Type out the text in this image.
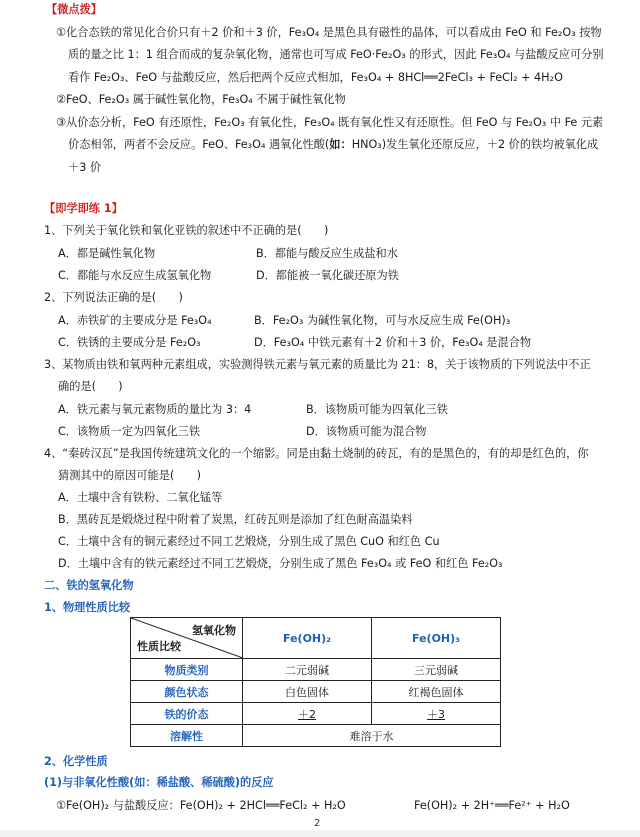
【微点拨】
①化合态铁的常见化合价只有＋2 价和＋3 价，Fe₃O₄ 是黑色具有磁性的晶体，可以看成由 FeO 和 Fe₂O₃ 按物
质的量之比 1：1 组合而成的复杂氧化物，通常也可写成 FeO·Fe₂O₃ 的形式，因此 Fe₃O₄ 与盐酸反应可分别
看作 Fe₂O₃、FeO 与盐酸反应，然后把两个反应式相加，Fe₃O₄ + 8HCl══2FeCl₃ + FeCl₂ + 4H₂O
②FeO、Fe₂O₃ 属于碱性氧化物，Fe₃O₄ 不属于碱性氧化物
③从价态分析，FeO 有还原性，Fe₂O₃ 有氧化性，Fe₃O₄ 既有氧化性又有还原性。但 FeO 与 Fe₂O₃ 中 Fe 元素
价态相邻，两者不会反应。FeO、Fe₃O₄ 遇氧化性酸(如：HNO₃)发生氧化还原反应，＋2 价的铁均被氧化成
＋3 价
【即学即练 1】
1、下列关于氧化铁和氧化亚铁的叙述中不正确的是(　　)
A．都是碱性氧化物	B．都能与酸反应生成盐和水
C．都能与水反应生成氢氧化物	D．都能被一氧化碳还原为铁
2、下列说法正确的是(　　)
A．赤铁矿的主要成分是 Fe₃O₄	B．Fe₂O₃ 为碱性氧化物，可与水反应生成 Fe(OH)₃
C．铁锈的主要成分是 Fe₂O₃	D．Fe₃O₄ 中铁元素有＋2 价和＋3 价，Fe₃O₄ 是混合物
3、某物质由铁和氧两种元素组成，实验测得铁元素与氧元素的质量比为 21：8，关于该物质的下列说法中不正
确的是(　　)
A．铁元素与氧元素物质的量比为 3：4	B．该物质可能为四氧化三铁
C．该物质一定为四氧化三铁	D．该物质可能为混合物
4、“秦砖汉瓦”是我国传统建筑文化的一个缩影。同是由黏土烧制的砖瓦，有的是黑色的，有的却是红色的，你
猜测其中的原因可能是(　　)
A．土壤中含有铁粉、二氧化锰等
B．黑砖瓦是煅烧过程中附着了炭黑，红砖瓦则是添加了红色耐高温染料
C．土壤中含有的铜元素经过不同工艺煅烧，分别生成了黑色 CuO 和红色 Cu
D．土壤中含有的铁元素经过不同工艺煅烧，分别生成了黑色 Fe₃O₄ 或 FeO 和红色 Fe₂O₃
二、铁的氢氧化物
1、物理性质比较
氢氧化物
性质比较	Fe(OH)₂	Fe(OH)₃
物质类别	二元弱碱	三元弱碱
颜色状态	白色固体	红褐色固体
铁的价态	＋2	＋3
溶解性	难溶于水	
2、化学性质
(1)与非氧化性酸(如：稀盐酸、稀硫酸)的反应
①Fe(OH)₂ 与盐酸反应：Fe(OH)₂ + 2HCl══FeCl₂ + H₂O	Fe(OH)₂ + 2H⁺══Fe²⁺ + H₂O
2
